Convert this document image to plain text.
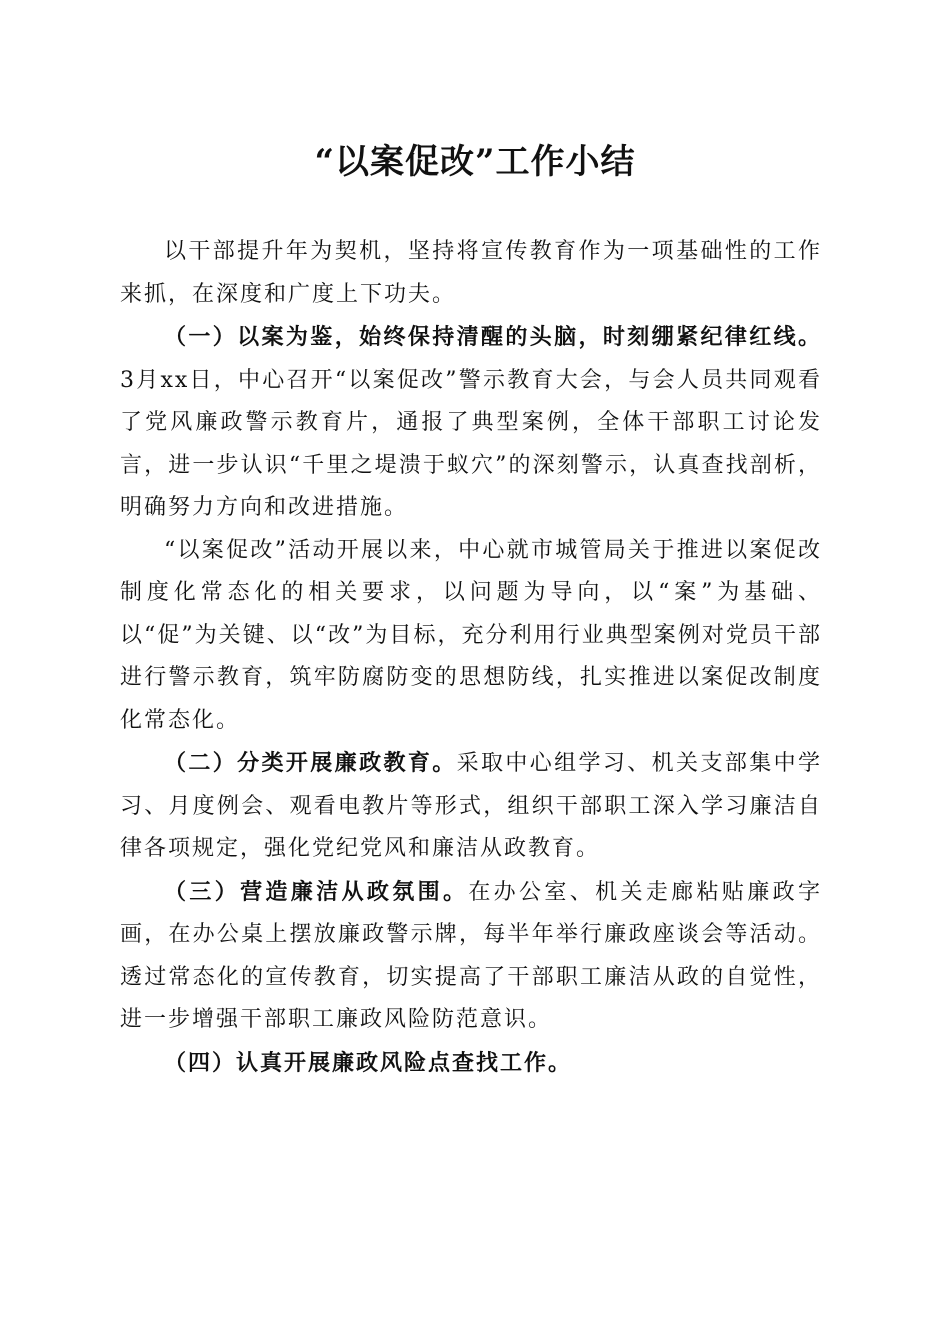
“以案促改”工作小结

以干部提升年为契机，坚持将宣传教育作为一项基础性的工作来抓，在深度和广度上下功夫。

（一）以案为鉴，始终保持清醒的头脑，时刻绷紧纪律红线。3月xx日，中心召开“以案促改”警示教育大会，与会人员共同观看了党风廉政警示教育片，通报了典型案例，全体干部职工讨论发言，进一步认识“千里之堤溃于蚁穴”的深刻警示，认真查找剖析，明确努力方向和改进措施。

“以案促改”活动开展以来，中心就市城管局关于推进以案促改制度化常态化的相关要求，以问题为导向，以“案”为基础、以“促”为关键、以“改”为目标，充分利用行业典型案例对党员干部进行警示教育，筑牢防腐防变的思想防线，扎实推进以案促改制度化常态化。

（二）分类开展廉政教育。采取中心组学习、机关支部集中学习、月度例会、观看电教片等形式，组织干部职工深入学习廉洁自律各项规定，强化党纪党风和廉洁从政教育。

（三）营造廉洁从政氛围。在办公室、机关走廊粘贴廉政字画，在办公桌上摆放廉政警示牌，每半年举行廉政座谈会等活动。透过常态化的宣传教育，切实提高了干部职工廉洁从政的自觉性，进一步增强干部职工廉政风险防范意识。

（四）认真开展廉政风险点查找工作。
